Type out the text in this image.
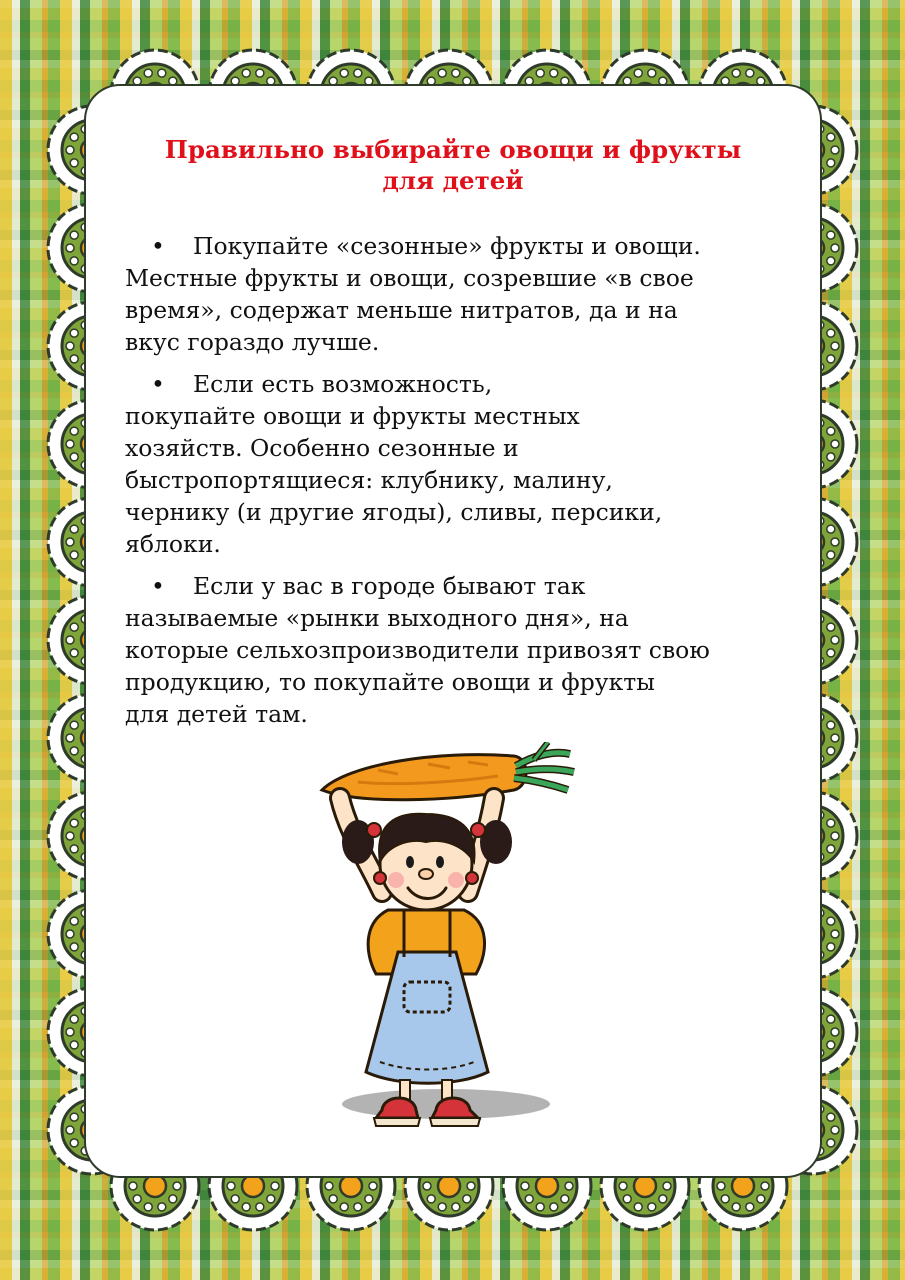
Правильно выбирайте овощи и фрукты
для детей

• Покупайте «сезонные» фрукты и овощи.
Местные фрукты и овощи, созревшие «в свое
время», содержат меньше нитратов, да и на
вкус гораздо лучше.

• Если есть возможность,
покупайте овощи и фрукты местных
хозяйств. Особенно сезонные и
быстропортящиеся: клубнику, малину,
чернику (и другие ягоды), сливы, персики,
яблоки.

• Если у вас в городе бывают так
называемые «рынки выходного дня», на
которые сельхозпроизводители привозят свою
продукцию, то покупайте овощи и фрукты
для детей там.
